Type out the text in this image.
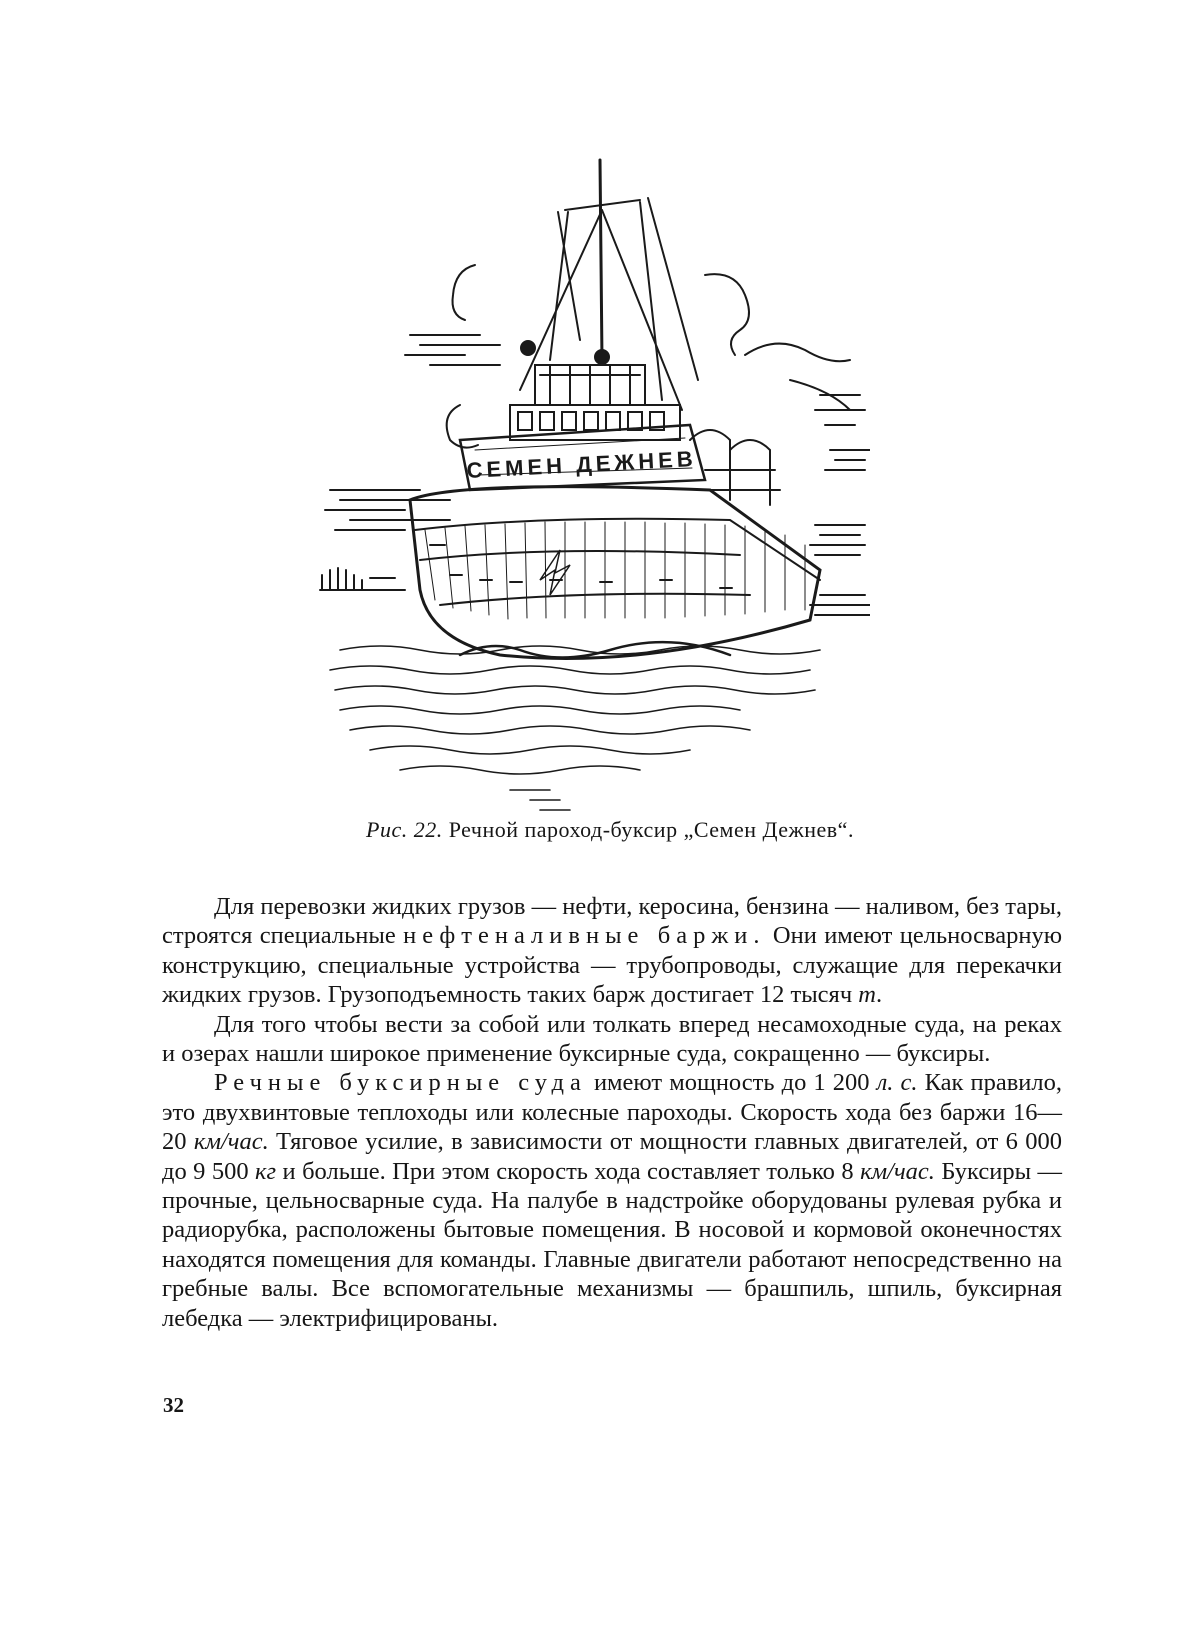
СЕМЕН ДЕЖНЕВ
Рис. 22. Речной пароход-буксир „Семен Дежнев“.

Для перевозки жидких грузов — нефти, керосина, бензина — наливом, без тары, строятся специальные нефтеналивные баржи. Они имеют цельносварную конструкцию, специальные устройства — трубопроводы, служащие для перекачки жидких грузов. Грузоподъемность таких барж достигает 12 тысяч т.

Для того чтобы вести за собой или толкать вперед несамоходные суда, на реках и озерах нашли широкое применение буксирные суда, сокращенно — буксиры.

Речные буксирные суда имеют мощность до 1 200 л. с. Как правило, это двухвинтовые теплоходы или колесные пароходы. Скорость хода без баржи 16—20 км/час. Тяговое усилие, в зависимости от мощности главных двигателей, от 6 000 до 9 500 кг и больше. При этом скорость хода составляет только 8 км/час. Буксиры — прочные, цельносварные суда. На палубе в надстройке оборудованы рулевая рубка и радиорубка, расположены бытовые помещения. В носовой и кормовой оконечностях находятся помещения для команды. Главные двигатели работают непосредственно на гребные валы. Все вспомогательные механизмы — брашпиль, шпиль, буксирная лебедка — электрифицированы.

32
